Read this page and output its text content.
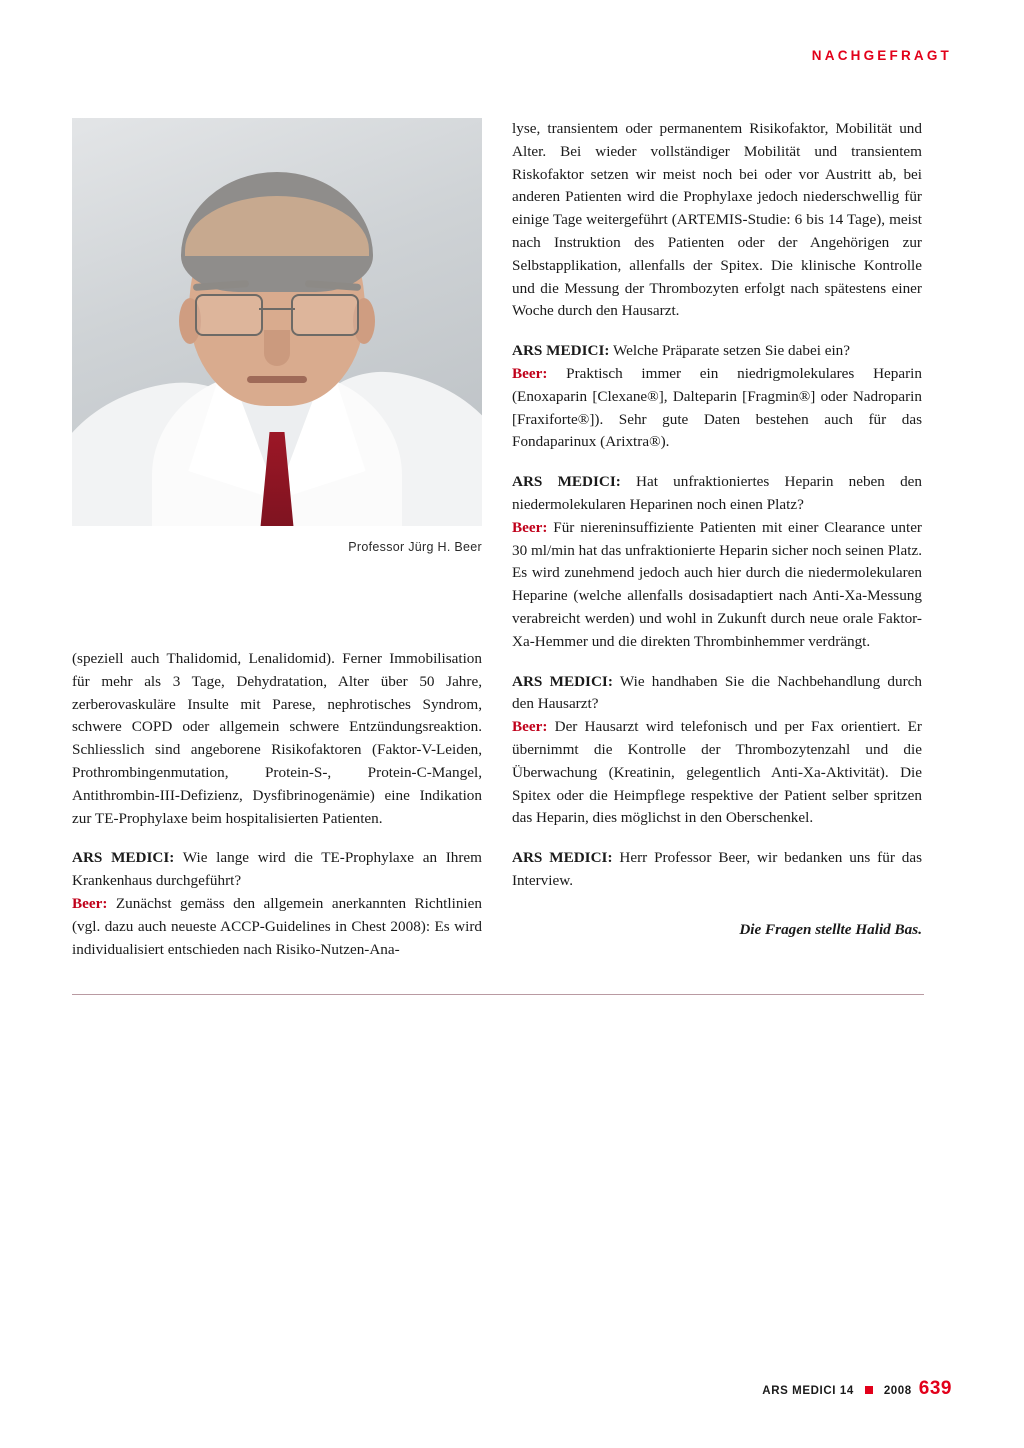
NACHGEFRAGT
Professor Jürg H. Beer

lyse, transientem oder permanentem Risikofaktor, Mobilität und Alter. Bei wieder vollständiger Mobilität und transientem Riskofaktor setzen wir meist noch bei oder vor Austritt ab, bei anderen Patienten wird die Prophylaxe jedoch niederschwellig für einige Tage weitergeführt (ARTEMIS-Studie: 6 bis 14 Tage), meist nach Instruktion des Patienten oder der Angehörigen zur Selbstapplikation, allenfalls der Spitex. Die klinische Kontrolle und die Messung der Thrombozyten erfolgt nach spätestens einer Woche durch den Hausarzt.

ARS MEDICI: Welche Präparate setzen Sie dabei ein?
Beer: Praktisch immer ein niedrigmolekulares Heparin (Enoxaparin [Clexane®], Dalteparin [Fragmin®] oder Nadroparin [Fraxiforte®]). Sehr gute Daten bestehen auch für das Fondaparinux (Arixtra®).

ARS MEDICI: Hat unfraktioniertes Heparin neben den niedermolekularen Heparinen noch einen Platz?
Beer: Für niereninsuffiziente Patienten mit einer Clearance unter 30 ml/min hat das unfraktionierte Heparin sicher noch seinen Platz. Es wird zunehmend jedoch auch hier durch die niedermolekularen Heparine (welche allenfalls dosisadaptiert nach Anti-Xa-Messung verabreicht werden) und wohl in Zukunft durch neue orale Faktor-Xa-Hemmer und die direkten Thrombinhemmer verdrängt.

ARS MEDICI: Wie handhaben Sie die Nachbehandlung durch den Hausarzt?
Beer: Der Hausarzt wird telefonisch und per Fax orientiert. Er übernimmt die Kontrolle der Thrombozytenzahl und die Überwachung (Kreatinin, gelegentlich Anti-Xa-Aktivität). Die Spitex oder die Heimpflege respektive der Patient selber spritzen das Heparin, dies möglichst in den Oberschenkel.

ARS MEDICI: Herr Professor Beer, wir bedanken uns für das Interview.

Die Fragen stellte Halid Bas.

(speziell auch Thalidomid, Lenalidomid). Ferner Immobilisation für mehr als 3 Tage, Dehydratation, Alter über 50 Jahre, zerberovaskuläre Insulte mit Parese, nephrotisches Syndrom, schwere COPD oder allgemein schwere Entzündungsreaktion. Schliesslich sind angeborene Risikofaktoren (Faktor-V-Leiden, Prothrombingenmutation, Protein-S-, Protein-C-Mangel, Antithrombin-III-Defizienz, Dysfibrinogenämie) eine Indikation zur TE-Prophylaxe beim hospitalisierten Patienten.

ARS MEDICI: Wie lange wird die TE-Prophylaxe an Ihrem Krankenhaus durchgeführt?
Beer: Zunächst gemäss den allgemein anerkannten Richtlinien (vgl. dazu auch neueste ACCP-Guidelines in Chest 2008): Es wird individualisiert entschieden nach Risiko-Nutzen-Ana-

ARS MEDICI 14	2008 639
